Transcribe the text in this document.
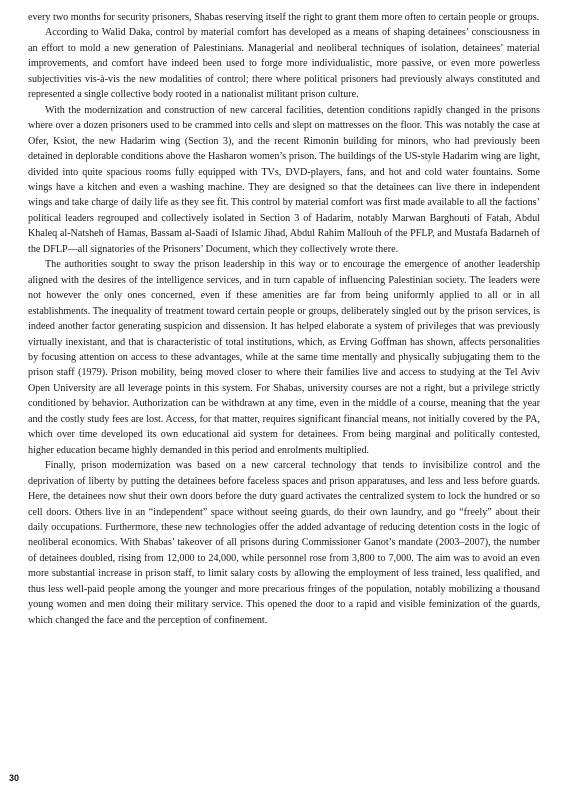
every two months for security prisoners, Shabas reserving itself the right to grant them more often to certain people or groups.

According to Walid Daka, control by material comfort has developed as a means of shaping detainees’ consciousness in an effort to mold a new generation of Palestinians. Managerial and neoliberal techniques of isolation, detainees’ material improvements, and comfort have indeed been used to forge more individualistic, more passive, or even more powerless subjectivities vis-à-vis the new modalities of control; there where political prisoners had previously always constituted and represented a single collective body rooted in a nationalist militant prison culture.

With the modernization and construction of new carceral facilities, detention conditions rapidly changed in the prisons where over a dozen prisoners used to be crammed into cells and slept on mattresses on the floor. This was notably the case at Ofer, Ksiot, the new Hadarim wing (Section 3), and the recent Rimonin building for minors, who had previously been detained in deplorable conditions above the Hasharon women’s prison. The buildings of the US-style Hadarim wing are light, divided into quite spacious rooms fully equipped with TVs, DVD-players, fans, and hot and cold water fountains. Some wings have a kitchen and even a washing machine. They are designed so that the detainees can live there in independent wings and take charge of daily life as they see fit. This control by material comfort was first made available to all the factions’ political leaders regrouped and collectively isolated in Section 3 of Hadarim, notably Marwan Barghouti of Fatah, Abdul Khaleq al-Natsheh of Hamas, Bassam al-Saadi of Islamic Jihad, Abdul Rahim Mallouh of the PFLP, and Mustafa Badarneh of the DFLP—all signatories of the Prisoners’ Document, which they collectively wrote there.

The authorities sought to sway the prison leadership in this way or to encourage the emergence of another leadership aligned with the desires of the intelligence services, and in turn capable of influencing Palestinian society. The leaders were not however the only ones concerned, even if these amenities are far from being uniformly applied to all or in all establishments. The inequality of treatment toward certain people or groups, deliberately singled out by the prison services, is indeed another factor generating suspicion and dissension. It has helped elaborate a system of privileges that was previously virtually inexistant, and that is characteristic of total institutions, which, as Erving Goffman has shown, affects personalities by focusing attention on access to these advantages, while at the same time mentally and physically subjugating them to the prison staff (1979). Prison mobility, being moved closer to where their families live and access to studying at the Tel Aviv Open University are all leverage points in this system. For Shabas, university courses are not a right, but a privilege strictly conditioned by behavior. Authorization can be withdrawn at any time, even in the middle of a course, meaning that the year and the costly study fees are lost. Access, for that matter, requires significant financial means, not initially covered by the PA, which over time developed its own educational aid system for detainees. From being marginal and politically contested, higher education became highly demanded in this period and enrolments multiplied.

Finally, prison modernization was based on a new carceral technology that tends to invisibilize control and the deprivation of liberty by putting the detainees before faceless spaces and prison apparatuses, and less and less before guards. Here, the detainees now shut their own doors before the duty guard activates the centralized system to lock the hundred or so cell doors. Others live in an “independent” space without seeing guards, do their own laundry, and go “freely” about their daily occupations. Furthermore, these new technologies offer the added advantage of reducing detention costs in the logic of neoliberal economics. With Shabas’ takeover of all prisons during Commissioner Ganot’s mandate (2003–2007), the number of detainees doubled, rising from 12,000 to 24,000, while personnel rose from 3,800 to 7,000. The aim was to avoid an even more substantial increase in prison staff, to limit salary costs by allowing the employment of less trained, less qualified, and thus less well-paid people among the younger and more precarious fringes of the population, notably mobilizing a thousand young women and men doing their military service. This opened the door to a rapid and visible feminization of the guards, which changed the face and the perception of confinement.

30
